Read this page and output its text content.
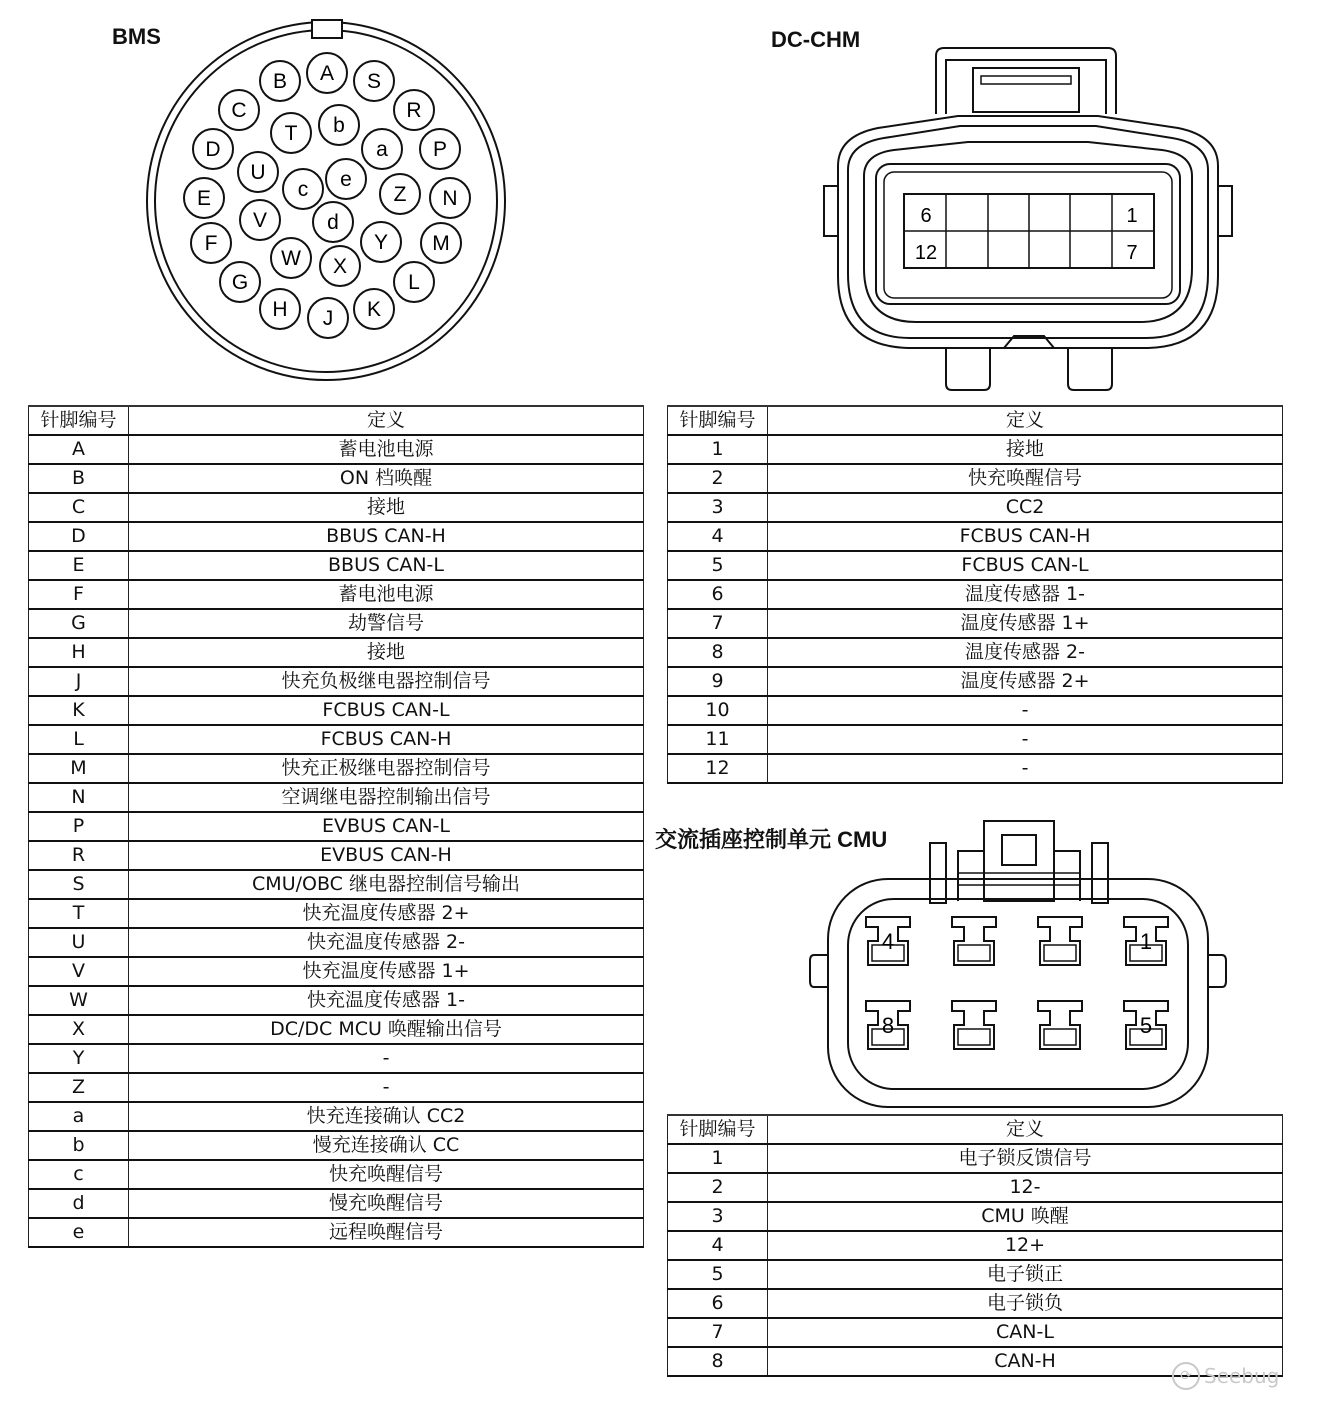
BMS	DC-CHM
交流插座控制单元 CMU
A
B	S
C	R
T b
D	a P
U	e
c
E	Z N
d
V
F	Y M
W X
G	L
H	K
J
6	1
12	7
4	1
8	5
针脚编号	定义
A	蓄电池电源
B	ON 档唤醒
C	接地
D	BBUS CAN-H
E	BBUS CAN-L
F	蓄电池电源
G	劫警信号
H	接地
J	快充负极继电器控制信号
K	FCBUS CAN-L
L	FCBUS CAN-H
M	快充正极继电器控制信号
N	空调继电器控制输出信号
P	EVBUS CAN-L
R	EVBUS CAN-H
S	CMU/OBC 继电器控制信号输出
T	快充温度传感器 2+
U	快充温度传感器 2-
V	快充温度传感器 1+
W	快充温度传感器 1-
X	DC/DC MCU 唤醒输出信号
Y	-
Z	-
a	快充连接确认 CC2
b	慢充连接确认 CC
c	快充唤醒信号
d	慢充唤醒信号
e	远程唤醒信号
针脚编号	定义
1	接地
2	快充唤醒信号
3	CC2
4	FCBUS CAN-H
5	FCBUS CAN-L
6	温度传感器 1-
7	温度传感器 1+
8	温度传感器 2-
9	温度传感器 2+
10	-
11	-
12	-
针脚编号	定义
1	电子锁反馈信号
2	12-
3	CMU 唤醒
4	12+
5	电子锁正
6	电子锁负
7	CAN-L
8	CAN-H
⟳ Seebug
